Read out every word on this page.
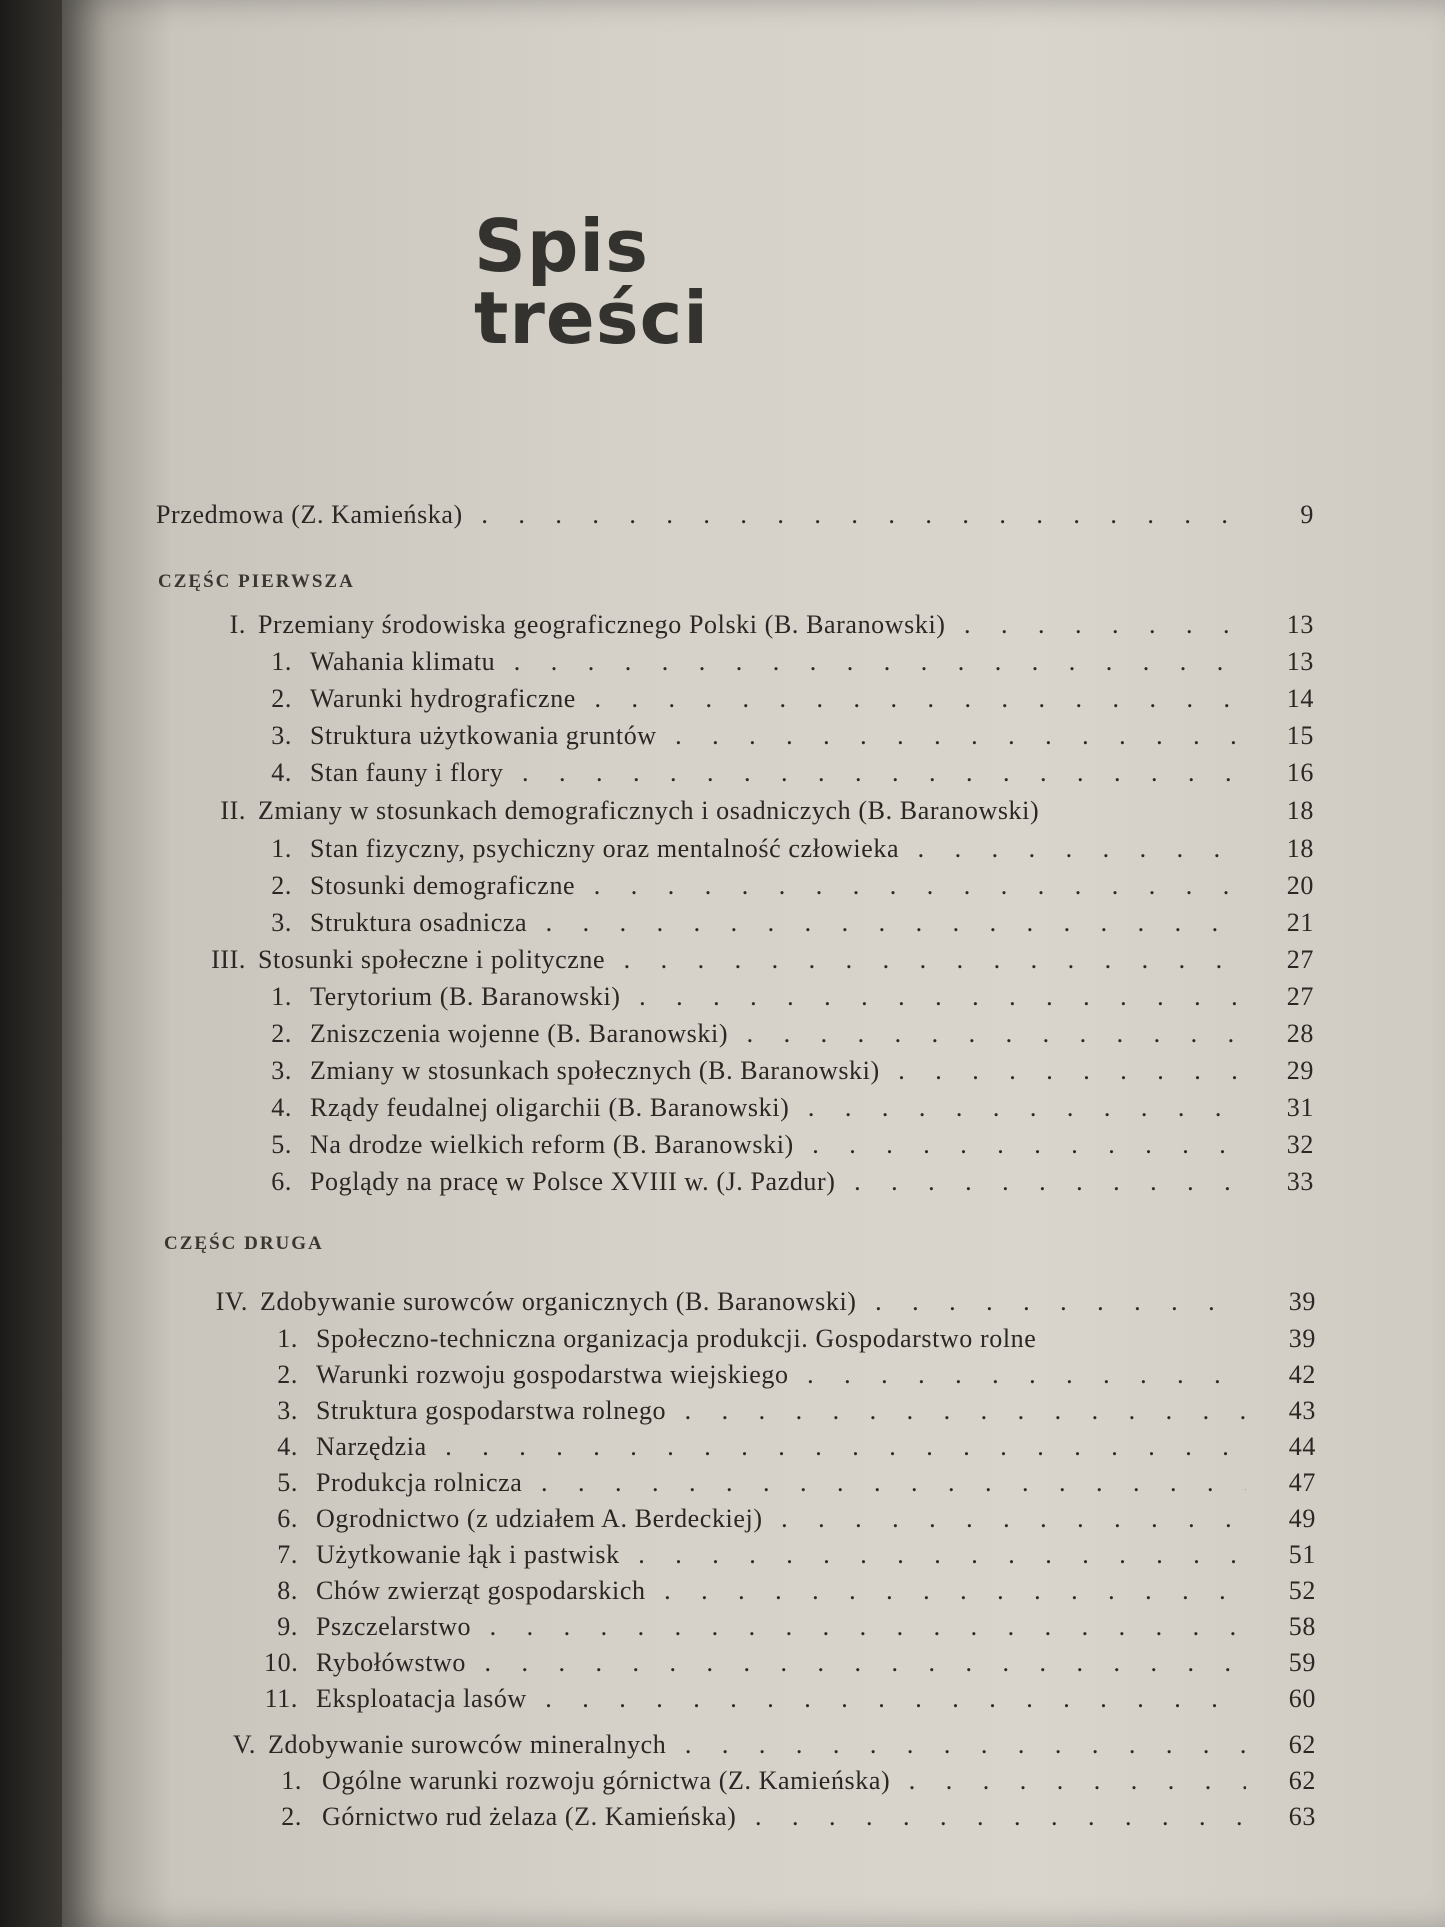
Spis
treści
Przedmowa (Z. Kamieńska) . . .	9
CZĘŚC PIERWSZA
I. Przemiany środowiska geograficznego Polski (B. Baranowski) . . .	13
1. Wahania klimatu . . .	13
2. Warunki hydrograficzne . . .	14
3. Struktura użytkowania gruntów . . .	15
4. Stan fauny i flory . . .	16
II. Zmiany w stosunkach demograficznych i osadniczych (B. Baranowski)	18
1. Stan fizyczny, psychiczny oraz mentalność człowieka . . .	18
2. Stosunki demograficzne . . .	20
3. Struktura osadnicza . . .	21
III. Stosunki społeczne i polityczne . . .	27
1. Terytorium (B. Baranowski) . . .	27
2. Zniszczenia wojenne (B. Baranowski) . . .	28
3. Zmiany w stosunkach społecznych (B. Baranowski) . . .	29
4. Rządy feudalnej oligarchii (B. Baranowski) . . .	31
5. Na drodze wielkich reform (B. Baranowski) . . .	32
6. Poglądy na pracę w Polsce XVIII w. (J. Pazdur) . . .	33
CZĘŚC DRUGA
IV. Zdobywanie surowców organicznych (B. Baranowski) . . .	39
1. Społeczno-techniczna organizacja produkcji. Gospodarstwo rolne	39
2. Warunki rozwoju gospodarstwa wiejskiego . . .	42
3. Struktura gospodarstwa rolnego . . .	43
4. Narzędzia . . .	44
5. Produkcja rolnicza . . .	47
6. Ogrodnictwo (z udziałem A. Berdeckiej) . . .	49
7. Użytkowanie łąk i pastwisk . . .	51
8. Chów zwierząt gospodarskich . . .	52
9. Pszczelarstwo . . .	58
10. Rybołówstwo . . .	59
11. Eksploatacja lasów . . .	60
V. Zdobywanie surowców mineralnych . . .	62
1. Ogólne warunki rozwoju górnictwa (Z. Kamieńska) . . .	62
2. Górnictwo rud żelaza (Z. Kamieńska) . . .	63
